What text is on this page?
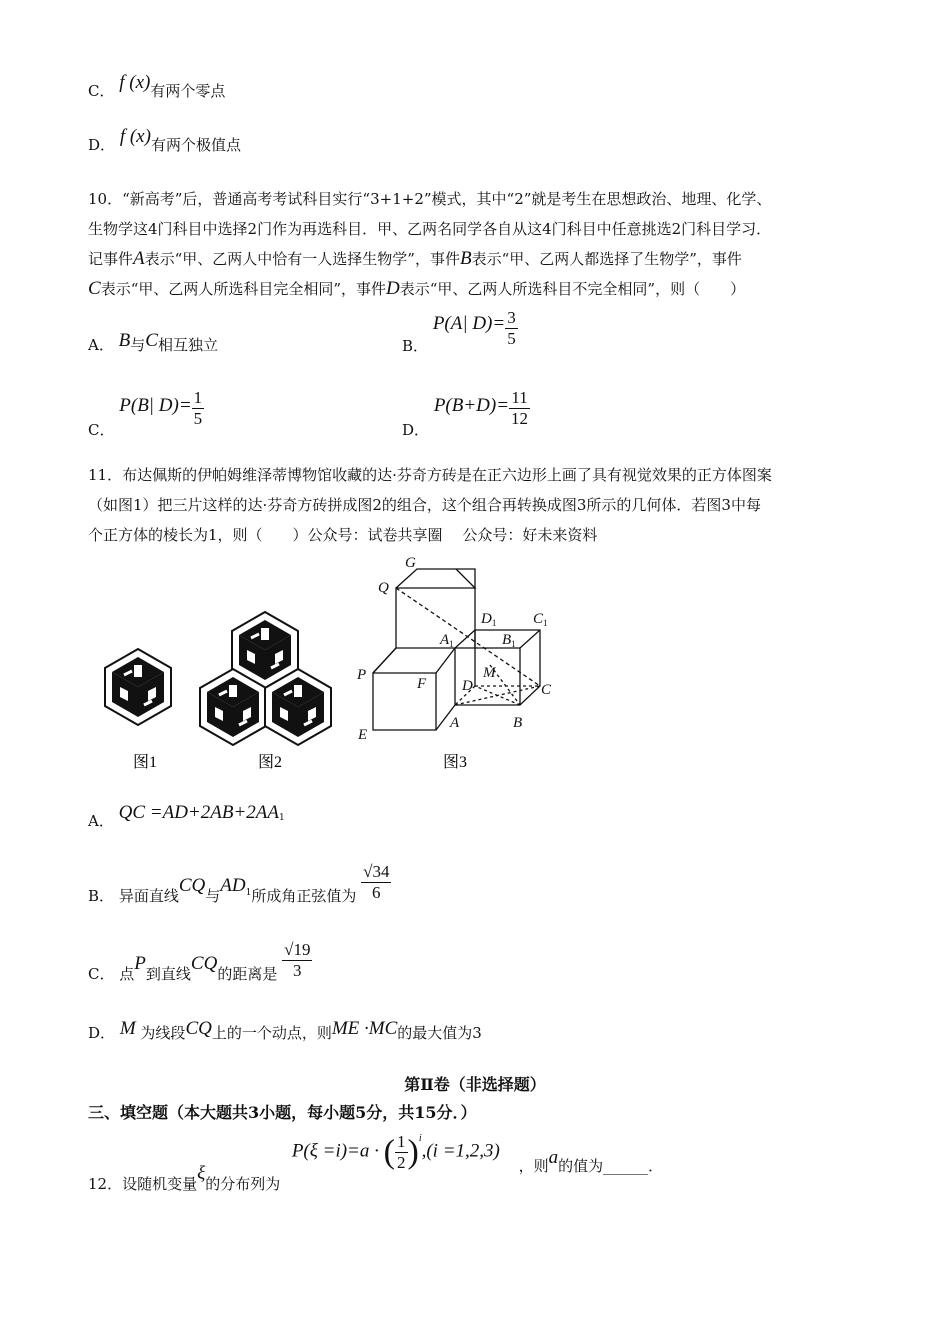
C． f (x)有两个零点
D． f (x)有两个极值点
10．“新高考”后，普通高考考试科目实行“3+1+2”模式，其中“2”就是考生在思想政治、地理、化学、
生物学这4门科目中选择2门作为再选科目．甲、乙两名同学各自从这4门科目中任意挑选2门科目学习．
记事件A表示“甲、乙两人中恰有一人选择生物学”，事件B表示“甲、乙两人都选择了生物学”，事件
C表示“甲、乙两人所选科目完全相同”，事件D表示“甲、乙两人所选科目不完全相同”，则（　　）
A． B与C相互独立	B． P(A| $D)= \frac{3}{5}$
C． P(B| $D)= \frac{1}{5}$
D． $P(B+D)= \frac{11}{12}$
11．布达佩斯的伊帕姆维泽蒂博物馆收藏的达·芬奇方砖是在正六边形上画了具有视觉效果的正方体图案
（如图1）把三片这样的达·芬奇方砖拼成图2的组合，这个组合再转换成图3所示的几何体．若图3中每
个正方体的棱长为1，则（　　）公众号：试卷共享圈　 公众号：好未来资料
图1	图2	图3
G
Q
$D_1$ $C_1$
$A_1$	$B_1$
P
F
M
D	C
E
A	B
A． QC $=AD+2AB+2AA^1$
B． 异面直线CQ与$AD_1$所成角正弦值为 $\frac{√34}{6}$
C． 点P到直线CQ的距离是 $\frac{√19}{3}$
D． M 为线段CQ上的一个动点，则ME ·MC的最大值为3
第Ⅱ卷（非选择题）
三、填空题（本大题共3小题，每小题5分，共15分．）
12．设随机变量ξ的分布列为  P(ξ =i)=a · ( $\frac{1}{2} )^i,(i =1,2,3)$ ，则a的值为______．
